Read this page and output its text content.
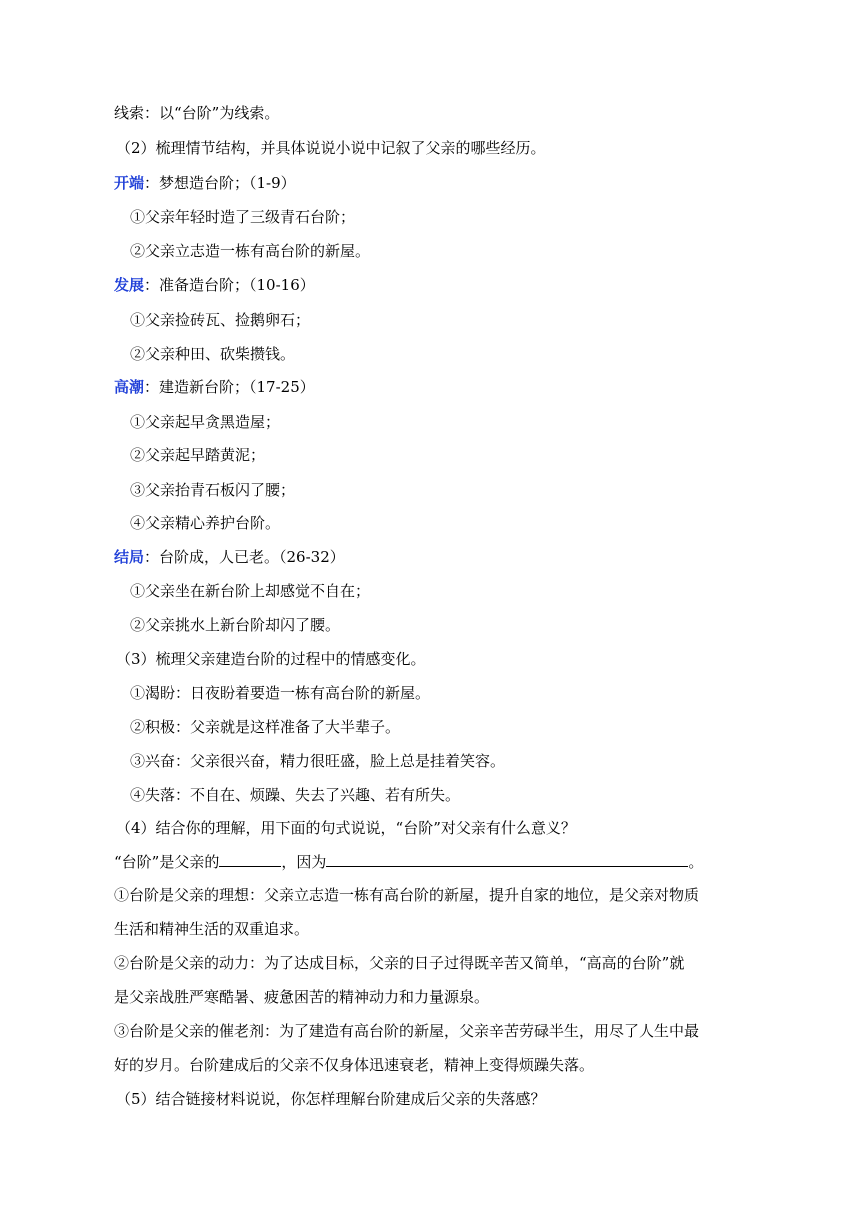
线索：以“台阶”为线索。
（2）梳理情节结构，并具体说说小说中记叙了父亲的哪些经历。
开端：梦想造台阶；（1-9）
①父亲年轻时造了三级青石台阶；
②父亲立志造一栋有高台阶的新屋。
发展：准备造台阶；（10-16）
①父亲捡砖瓦、捡鹅卵石；
②父亲种田、砍柴攒钱。
高潮：建造新台阶；（17-25）
①父亲起早贪黑造屋；
②父亲起早踏黄泥；
③父亲抬青石板闪了腰；
④父亲精心养护台阶。
结局：台阶成，人已老。（26-32）
①父亲坐在新台阶上却感觉不自在；
②父亲挑水上新台阶却闪了腰。
（3）梳理父亲建造台阶的过程中的情感变化。
①渴盼：日夜盼着要造一栋有高台阶的新屋。
②积极：父亲就是这样准备了大半辈子。
③兴奋：父亲很兴奋，精力很旺盛，脸上总是挂着笑容。
④失落：不自在、烦躁、失去了兴趣、若有所失。
（4）结合你的理解，用下面的句式说说，“台阶”对父亲有什么意义？
“台阶”是父亲的	，因为	。
①台阶是父亲的理想：父亲立志造一栋有高台阶的新屋，提升自家的地位，是父亲对物质
生活和精神生活的双重追求。
②台阶是父亲的动力：为了达成目标，父亲的日子过得既辛苦又简单，“高高的台阶”就
是父亲战胜严寒酷暑、疲惫困苦的精神动力和力量源泉。
③台阶是父亲的催老剂：为了建造有高台阶的新屋，父亲辛苦劳碌半生，用尽了人生中最
好的岁月。台阶建成后的父亲不仅身体迅速衰老，精神上变得烦躁失落。
（5）结合链接材料说说，你怎样理解台阶建成后父亲的失落感？
